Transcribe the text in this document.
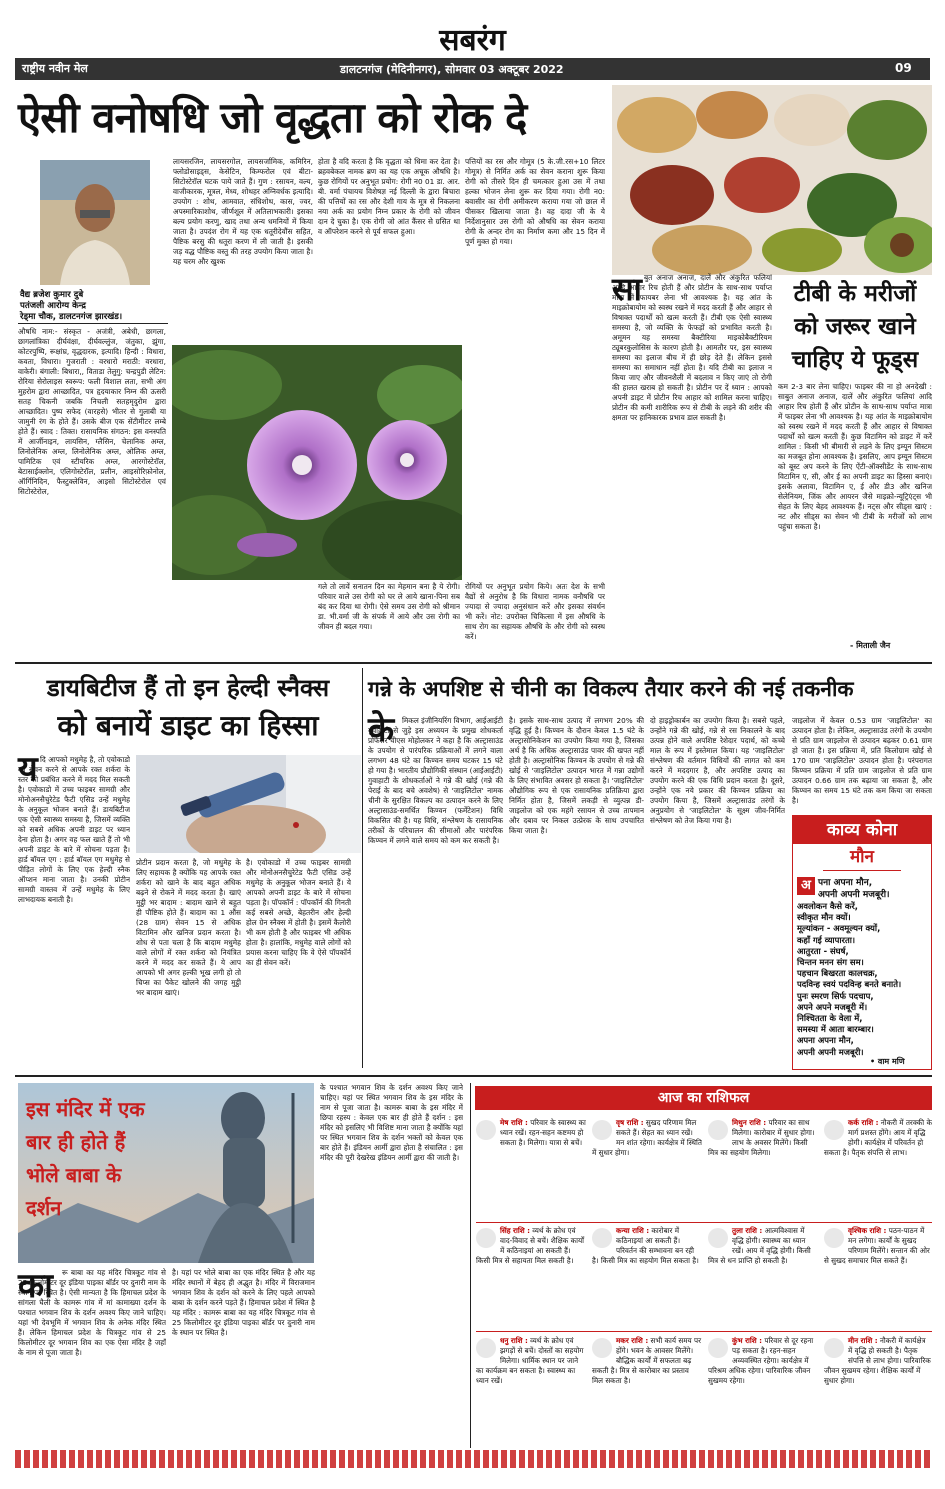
सबरंग
राष्ट्रीय नवीन मेल	डालटनगंज (मेदिनीनगर), सोमवार 03 अक्टूबर 2022	09
ऐसी वनोषधि जो वृद्धता को रोक दे
वैद्य ब्रजेश कुमार दुबे
पतंजली आरोग्य केन्द्र
रेड्मा चौक, डालटनगंज झारखंड।
औषधि नाम:- संस्कृत - अजंत्री, अबेधी, छागला, छागलांत्रिका दीर्घवंक्षा, दीर्घवल्लुंज, जंतुका, झुंगा, कोटरपुष्पि, रूक्षांघ्र, वृद्धदारक, इत्यादि। हिन्दी : विधारा, कवता, विधारा। गुजराती : वरधारो मराठी: वरधारा, वाकेरी। बंगाली: बिधारा,, विताडा तेलुगु: चन्द्रपुडी लेटिन: रोरिया सेरोलाइस स्वरूप: फली विशाल लता, सभी अंग मुहरोम द्वारा आच्छादित, पत्र हृदयाकार निम्न की ऊसरी सतह चिकनी जबकि निचली सतहमृदुरोम द्वारा आच्छादित। पुष्प सफेद (वारहसे) भीतर से गुलाबी या जामुनी रंग के होते हैं। उसके बीज एक सेंटीमीटर लम्बे होते हैं। स्वाद : तिक्त। रासायनिक संगठन: इस वनस्पति में आर्जीनाइन, लायसिन, ग्लैसिन, चेलानिक अम्ल, लिनोलेनिक अम्ल, लिनोलेनिक अम्ल, ओलिक अम्ल, पामिटिक एवं स्टीयरिक अम्ल, आरगोस्टेरॉल, बेटासाईक्लोन, एलिगोस्टेरॉल, प्रलीन, आइसोरिफ़ोनोल, ऑर्गिनिदिन, फैस्टुक्लेविन, आइसो सिटोस्टेरोल एवं सिटोस्टेरोल,
लायसरजिन, लायसरगोल, लायसर्जामिक, कमिरिन, फ्लोडोसाइड्स, केसेटिन, किम्फरोल एवं बीटा-सिटोस्टेरॉल घटक पाये जाते हैं। गुण : रसायन, वल्य, वाजीकारक, मूत्रल, मेध्य, शोथहर अग्निवर्धक इत्यादि। उपयोग : शोथ, आमवात, संधिशोथ, कास, ज्वर, अपस्मारिकाशोथ, जीर्णशूल में अतिलाभकारी। इसका बल्य प्रयोग करणु, खाद तथा अन्य धमनियों में किया जाता है। उपदंश रोग में यह एक धतूरीदेवौंस सहित, पैष्टिक बरसु की धतूरा करण में ली जाती है। इसकी जड़ वद्ध पौष्टिक वस्तु की तरह उपयोग किया जाता है। यह चरम और खुश्क
होता है वदि करता है कि वृद्धता को धिमा कर देता है। ब्रहवबेकल नामक ब्रण का यह एक अचूक औषधि है। कुछ रोगियों पर अनुभूत प्रयोग: रोगी न0 01 डा. आर. बी. वर्मा पंचायच विशेषज्ञ नई दिल्ली के द्वारा बिचारा की पत्तियों का रस और देशी गाय के मूत्र से निकलना नया अर्क का प्रयोग निम्न प्रकार के रोगी को जीवन दान दे चुका है। एक रोगी जो आंत कैंसर से ग्रसित था व ऑपरेशन करने से पूर्व सफल हुआ।
पत्तियों का रस और गोमूत्र (5 के.जी.रस+10 लिटर गोमूत्र) से निर्मित अर्क का सेवन कराना शुरू किया रोगी को तीसरे दिन ही चमत्कार हुआ उस में तथा हल्का भोजन लेना शुरू कर दिया गया। रोगी न0: बवासीर का रोगी अमीकरण कराया गया जो छाल में पीसकर खिलाया जाता है। वह दादा जी के ये निर्देशानुसार उस रोगी को औषधि का सेवन कराया रोगी के अन्दर रोग का निर्माण कमा और 15 दिन में पूर्ण मुक्त हो गया।
गले तो लावें सनातन दिन का मेहमान बना है ये रोगी। परिवार वाले उस रोगी को घर ले आये खाना-पिना सब बंद कर दिया था रोगी। ऐसे समय उस रोगी को श्रीमान डा. भी.वर्मा जी के संपर्क में आये और उस रोगी का जीवन ही बदल गया।
रोगियों पर अनुभूत प्रयोग किये। अतः देश के सभी वैद्यों से अनुरोध है कि विधारा नामक वनौषधि पर ज्यादा से ज्यादा अनुसंधान करें और इसका संवर्धन भी करें। नोट: उपरोक्त चिकित्सा में इस औषधि के साथ रोग का सहायक औषधि के और रोगी को स्वस्थ करें।
टीबी के मरीजों को जरूर खाने चाहिए ये फूड्स
सा बुत अनाज अनाज, दालें और अंकुरित फलियां आदि आहार रिच होती हैं और प्रोटीन के साथ-साथ पर्याप्त मात्रा में फायबर लेना भी आवश्यक है। यह आंत के माइक्रोबायोम को स्वस्थ रखने में मदद करती हैं और आहार से विषाक्त पदार्थों को खत्म करती हैं। टीबी एक ऐसी स्वास्थ्य समस्या है, जो व्यक्ति के फेफड़ों को प्रभावित करती है। अमूमन यह समस्या बैक्टीरिया माइकोबैक्टीरियम ट्यूबरकुलोसिस के कारण होती है। आमतौर पर, इस स्वास्थ्य समस्या का इलाज बीच में ही छोड़ देते हैं। लेकिन इससे समस्या का समाधान नहीं होता है। यदि टीबी का इलाज न किया जाए और जीवनशैली में बदलाव न किए जाएं तो रोगी की हालत खराब हो सकती है। प्रोटीन पर दें ध्यान : आपको अपनी डाइट में प्रोटीन रिच आहार को शामिल करना चाहिए। प्रोटीन की कमी शारीरिक रूप से टीबी के लड़ने की शरीर की क्षमता पर हानिकारक प्रभाव डाल सकती है।
कम 2-3 बार लेना चाहिए। फाइबर की ना हो अनदेखी : साबुत अनाज अनाज, दालें और अंकुरित फलियां आदि आहार रिच होती हैं और प्रोटीन के साथ-साथ पर्याप्त मात्रा में फाइबर लेना भी आवश्यक है। यह आंत के माइक्रोबायोम को स्वस्थ रखने में मदद करती हैं और आहार से विषाक्त पदार्थों को खत्म करती हैं। कुछ विटामिन को डाइट में करें शामिल : किसी भी बीमारी से लड़ने के लिए इम्यून सिस्टम का मजबूत होना आवश्यक है। इसलिए, आप इम्यून सिस्टम को बूस्ट अप करने के लिए ऐंटी-ऑक्सीडेंट के साथ-साथ विटामिन ए, सी, और ई का अपनी डाइट का हिस्सा बनाएं। इसके अलावा, विटामिन ए, ई और डी3 और खनिज सेलेनियम, जिंक और आयरन जैसे माइक्रो-न्यूट्रिएंट्स भी सेहत के लिए बेहद आवश्यक हैं। नट्स और सीड्स खाएं : नट और सीड्स का सेवन भी टीबी के मरीजों को लाभ पहुंचा सकता है।
- मिताली जैन
डायबिटीज हैं तो इन हेल्दी स्नैक्स
को बनायें डाइट का हिस्सा
य दि आपको मधुमेह है, तो एवोकाडो का सेवन करने से आपके रक्त शर्करा के स्तर को प्रबंधित करने में मदद मिल सकती है। एवोकाडो में उच्च फाइबर सामग्री और मोनोअनसैचुरेटेड फैटी एसिड उन्हें मधुमेह के अनुकूल भोजन बनाते हैं। डायबिटीज एक ऐसी स्वास्थ्य समस्या है, जिसमें व्यक्ति को सबसे अधिक अपनी डाइट पर ध्यान देना होता है। अगर वह फल खाते हैं तो भी अपनी डाइट के बारे में सोचना पड़ता है। हार्ड बॉयल एग : हार्ड बॉयल एग मधुमेह से पीड़ित लोगों के लिए एक हेल्दी स्नैक ऑप्शन माना जाता है। उनकी प्रोटीन सामग्री वास्तव में उन्हें मधुमेह के लिए लाभदायक बनाती है।
प्रोटीन प्रदान करता है, जो मधुमेह के लिए सहायक है क्योंकि यह आपके रक्त शर्करा को खाने के बाद बहुत अधिक बढ़ने से रोकने में मदद करता है। खाएं मुट्ठी भर बादाम : बादाम खाने से बहुत ही पौष्टिक होते हैं। बादाम का 1 औंस (28 ग्राम) सेवन 15 से अधिक विटामिन और खनिज प्रदान करता है। शोध से पता चला है कि बादाम मधुमेह वाले लोगों में रक्त शर्करा को नियंत्रित करने में मदद कर सकते हैं। ये आप आपको भी अगर हल्की भूख लगी हो तो चिप्स का पैकेट खोलने की जगह मुट्ठी भर बादाम खाएं।
है। एवोकाडो में उच्च फाइबर सामग्री और मोनोअनसैचुरेटेड फैटी एसिड उन्हें मधुमेह के अनुकूल भोजन बनाते हैं। ये आपको अपनी डाइट के बारे में सोचना पड़ता है। पॉपकॉर्न : पॉपकॉर्न की गिनती कई सबसे अच्छे, बेहतरीन और हेल्दी होल ग्रेन स्नैक्स में होती है। इसमें कैलोरी भी कम होती है और फाइबर भी अधिक होता है। हालांकि, मधुमेह वाले लोगों को प्रयास करना चाहिए कि वे ऐसे पॉपकॉर्न का ही सेवन करें।
गन्ने के अपशिष्ट से चीनी का विकल्प तैयार करने की नई तकनीक
के	मिकल इंजीनियरिंग विभाग, आईआईटी गुवाहाटी से जुड़े इस अध्ययन के प्रमुख शोधकर्ता प्रोफेसर वीएस मोहोलकर ने कहा है कि अल्ट्रासाउंड के उपयोग से पारंपरिक प्रक्रियाओं में लगने वाला लगभग 48 घंटे का किण्वन समय घटकर 15 घंटे हो गया है। भारतीय प्रौद्योगिकी संस्थान (आईआईटी) गुवाहाटी के शोधकर्ताओं ने गन्ने की खोई (गन्ने की पेराई के बाद बचे अवशेष) से 'जाइलिटोल' नामक चीनी के सुरक्षित विकल्प का उत्पादन करने के लिए अल्ट्रासाउंड-समर्थित किण्वन (फर्मेंटेशन) विधि विकसित की है। यह विधि, संश्लेषण के रासायनिक तरीकों के परिचालन की सीमाओं और पारंपरिक किण्वन में लगने वाले समय को कम कर सकती है।
है। इसके साथ-साथ उत्पाद में लगभग 20% की वृद्धि हुई है। किण्वन के दौरान केवल 1.5 घंटे के अल्ट्रासोनिकेशन का उपयोग किया गया है, जिसका अर्थ है कि अधिक अल्ट्रासाउंड पावर की खपत नहीं होती है। अल्ट्रासोनिक किण्वन के उपयोग से गन्ने की खोई से 'जाइलिटोल' उत्पादन भारत में गन्ना उद्योगों के लिए संभावित अवसर हो सकता है। 'जाइलिटोल' औद्योगिक रूप से एक रासायनिक प्रतिक्रिया द्वारा निर्मित होता है, जिसमें लकड़ी से व्युत्पन्न डी-जाइलोज को एक महंगे रसायन से उच्च तापमान और दबाव पर निकल उत्प्रेरक के साथ उपचारित किया जाता है।
दो हाइड्रोकार्बन का उपयोग किया है। सबसे पहले, उन्होंने गन्ने की खोई, गन्ने से रस निकालने के बाद उत्पन्न होने वाले अपशिष्ट रेशेदार पदार्थ, को कच्चे माल के रूप में इस्तेमाल किया। यह 'जाइलिटोल' संश्लेषण की वर्तमान विधियों की लागत को कम करने में मददगार है, और अपशिष्ट उत्पाद का उपयोग करने की एक विधि प्रदान करता है। दूसरे, उन्होंने एक नये प्रकार की किण्वन प्रक्रिया का उपयोग किया है, जिसमें अल्ट्रासाउंड तरंगों के अनुप्रयोग से 'जाइलिटोल' के सूक्ष्म जीव-निर्मित संश्लेषण को तेज किया गया है।
जाइलोज में केवल 0.53 ग्राम 'जाइलिटोल' का उत्पादन होता है। लेकिन, अल्ट्रासाउंड तरंगों के उपयोग से प्रति ग्राम जाइलोज से उत्पादन बढ़कर 0.61 ग्राम हो जाता है। इस प्रक्रिया में, प्रति किलोग्राम खोई से 170 ग्राम 'जाइलिटोल' उत्पादन होता है। परंपरागत किण्वन प्रक्रिया में प्रति ग्राम जाइलोज से प्रति ग्राम उत्पादन 0.66 ग्राम तक बढ़ाया जा सकता है, और किण्वन का समय 15 घंटे तक कम किया जा सकता है।
काव्य कोना
मौन
अ पना अपना मौन,
अपनी अपनी मजबूरी।
अवलोकन कैसे करें,
स्वीकृत मौन क्यों।
मूल्यांकन - अवमूल्यन क्यों,
कहाँ गई व्यापारता।
आतुरता - संघर्ष,
चिन्तन मनन संग सम।
पहचान बिखरता कालचक्र,
पदविन्ह स्वयं पदविन्ह बनते बनाते।
पुनः स्मरण सिर्फ पदचाप,
अपने अपने मजबूरी में।
निश्चितता के वेला में,
समस्या में आता बारम्बार।
अपना अपना मौन,
अपनी अपनी मजबूरी।
• वाम मणि
इस मंदिर में एक
बार ही होते हैं
भोले बाबा के
दर्शन
का	रू बाबा का यह मंदिर चित्रकूट गांव से 25 किलोमीटर दूर इंडिया पाइका बॉर्डर पर दुनारी नाम के स्थान पर स्थित है। ऐसी मान्यता है कि हिमाचल प्रदेश के सांगला घैली के कामरू गांव में मां कामाख्या दर्शन के पश्चात भगवान शिव के दर्शन अवश्य किए जाने चाहिए। यहां भी देवभूमि में भगवान शिव के अनेक मंदिर स्थित हैं। लेकिन हिमाचल प्रदेश के चित्रकूट गांव से 25 किलोमीटर दूर भगवान शिव का एक ऐसा मंदिर है जहाँ के नाम से पूजा जाता है।
है। यहां पर भोले बाबा का एक मंदिर स्थित है और यह मंदिर स्थानों में बेहद ही अद्भुत है। मंदिर में विराजमान भगवान शिव के दर्शन को करने के लिए पहले आपको बाबा के दर्शन करने पड़ते हैं। हिमाचल प्रदेश में स्थित है यह मंदिर : कामरू बाबा का यह मंदिर चित्रकूट गांव से 25 किलोमीटर दूर इंडिया पाइका बॉर्डर पर दुनारी नाम के स्थान पर स्थित है।
के पश्चात भगवान शिव के दर्शन अवश्य किए जाने चाहिए। यहां पर स्थित भगवान शिव के इस मंदिर के नाम से पूजा जाता है। कामरू बाबा के इस मंदिर में छिपा रहस्य : केवल एक बार ही होते हैं दर्शन : इस मंदिर को इसलिए भी विशिष्ट माना जाता है क्योंकि यहां पर स्थित भगवान शिव के दर्शन भक्तों को केवल एक बार होते हैं। इंडियन आर्मी द्वारा होता है संचालित : इस मंदिर की पूरी देखरेख इंडियन आर्मी द्वारा की जाती है।
आज का राशिफल
मेष राशि : परिवार के स्वास्थ्य का ध्यान रखें। रहन-सहन कष्टमय हो सकता है। मिलेगा। यात्रा से बचें।
वृष राशि : सुखद परिणाम मिल सकते हैं। सेहत का ध्यान रखें। मन शांत रहेगा। कार्यक्षेत्र में स्थिति में सुधार होगा।
मिथुन राशि : परिवार का साथ मिलेगा। कारोबार में सुधार होगा। लाभ के अवसर मिलेंगे। किसी मित्र का सहयोग मिलेगा।
कर्क राशि : नौकरी में तरक्की के मार्ग प्रशस्त होंगे। आय में वृद्धि होगी। कार्यक्षेत्र में परिवर्तन हो सकता है। पैतृक संपत्ति से लाभ।
सिंह राशि : व्यर्थ के क्रोध एवं वाद-विवाद से बचें। शैक्षिक कार्यों में कठिनाइयां आ सकती हैं। किसी मित्र से सहायता मिल सकती है।
कन्या राशि : कारोबार में कठिनाइयां आ सकती हैं। परिवर्तन की सम्भावना बन रही है। किसी मित्र का सहयोग मिल सकता है।
तुला राशि : आत्मविश्वास में वृद्धि होगी। स्वास्थ्य का ध्यान रखें। आय में वृद्धि होगी। किसी मित्र से धन प्राप्ति हो सकती है।
वृश्चिक राशि : पठन-पाठन में मन लगेगा। कार्यों के सुखद परिणाम मिलेंगे। सन्तान की ओर से सुखद समाचार मिल सकते हैं।
धनु राशि : व्यर्थ के क्रोध एवं झगड़ों से बचें। दोस्तों का सहयोग मिलेगा। धार्मिक स्थान पर जाने का कार्यक्रम बन सकता है। स्वास्थ्य का ध्यान रखें।
मकर राशि : सभी कार्य समय पर होंगे। भवन के आवसर मिलेंगे। बौद्धिक कार्यों में सफलता बढ़ सकती है। मित्र से कारोबार का प्रस्ताव मिल सकता है।
कुंभ राशि : परिवार से दूर रहना पड़ सकता है। रहन-सहन अव्यवस्थित रहेगा। कार्यक्षेत्र में परिश्रम अधिक रहेगा। पारिवारिक जीवन सुखमय रहेगा।
मीन राशि : नौकरी में कार्यक्षेत्र में वृद्धि हो सकती है। पैतृक संपत्ति से लाभ होगा। पारिवारिक जीवन सुखमय रहेगा। शैक्षिक कार्यों में सुधार होगा।
